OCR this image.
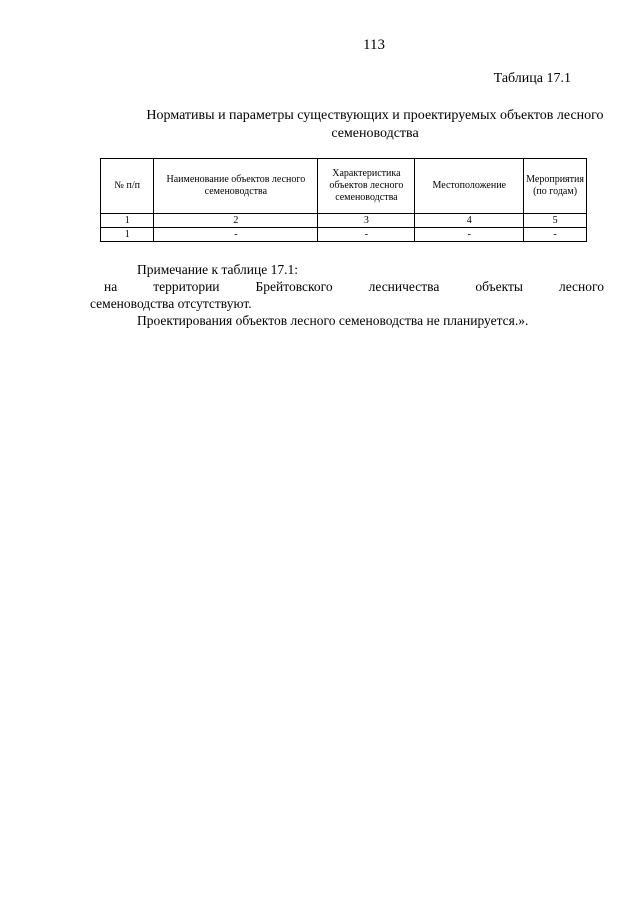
113
Таблица 17.1
Нормативы и параметры существующих и проектируемых объектов лесного семеноводства
№ п/п	Наименование объектов лесного семеноводства	Характеристика объектов лесного семеноводства	Местоположение	Мероприятия (по годам)
1	2	3	4	5
1	-	-	-	-

Примечание к таблице 17.1:

на	территории	Брейтовского	лесничества	объекты	лесного

семеноводства отсутствуют.

Проектирования объектов лесного семеноводства не планируется.».
